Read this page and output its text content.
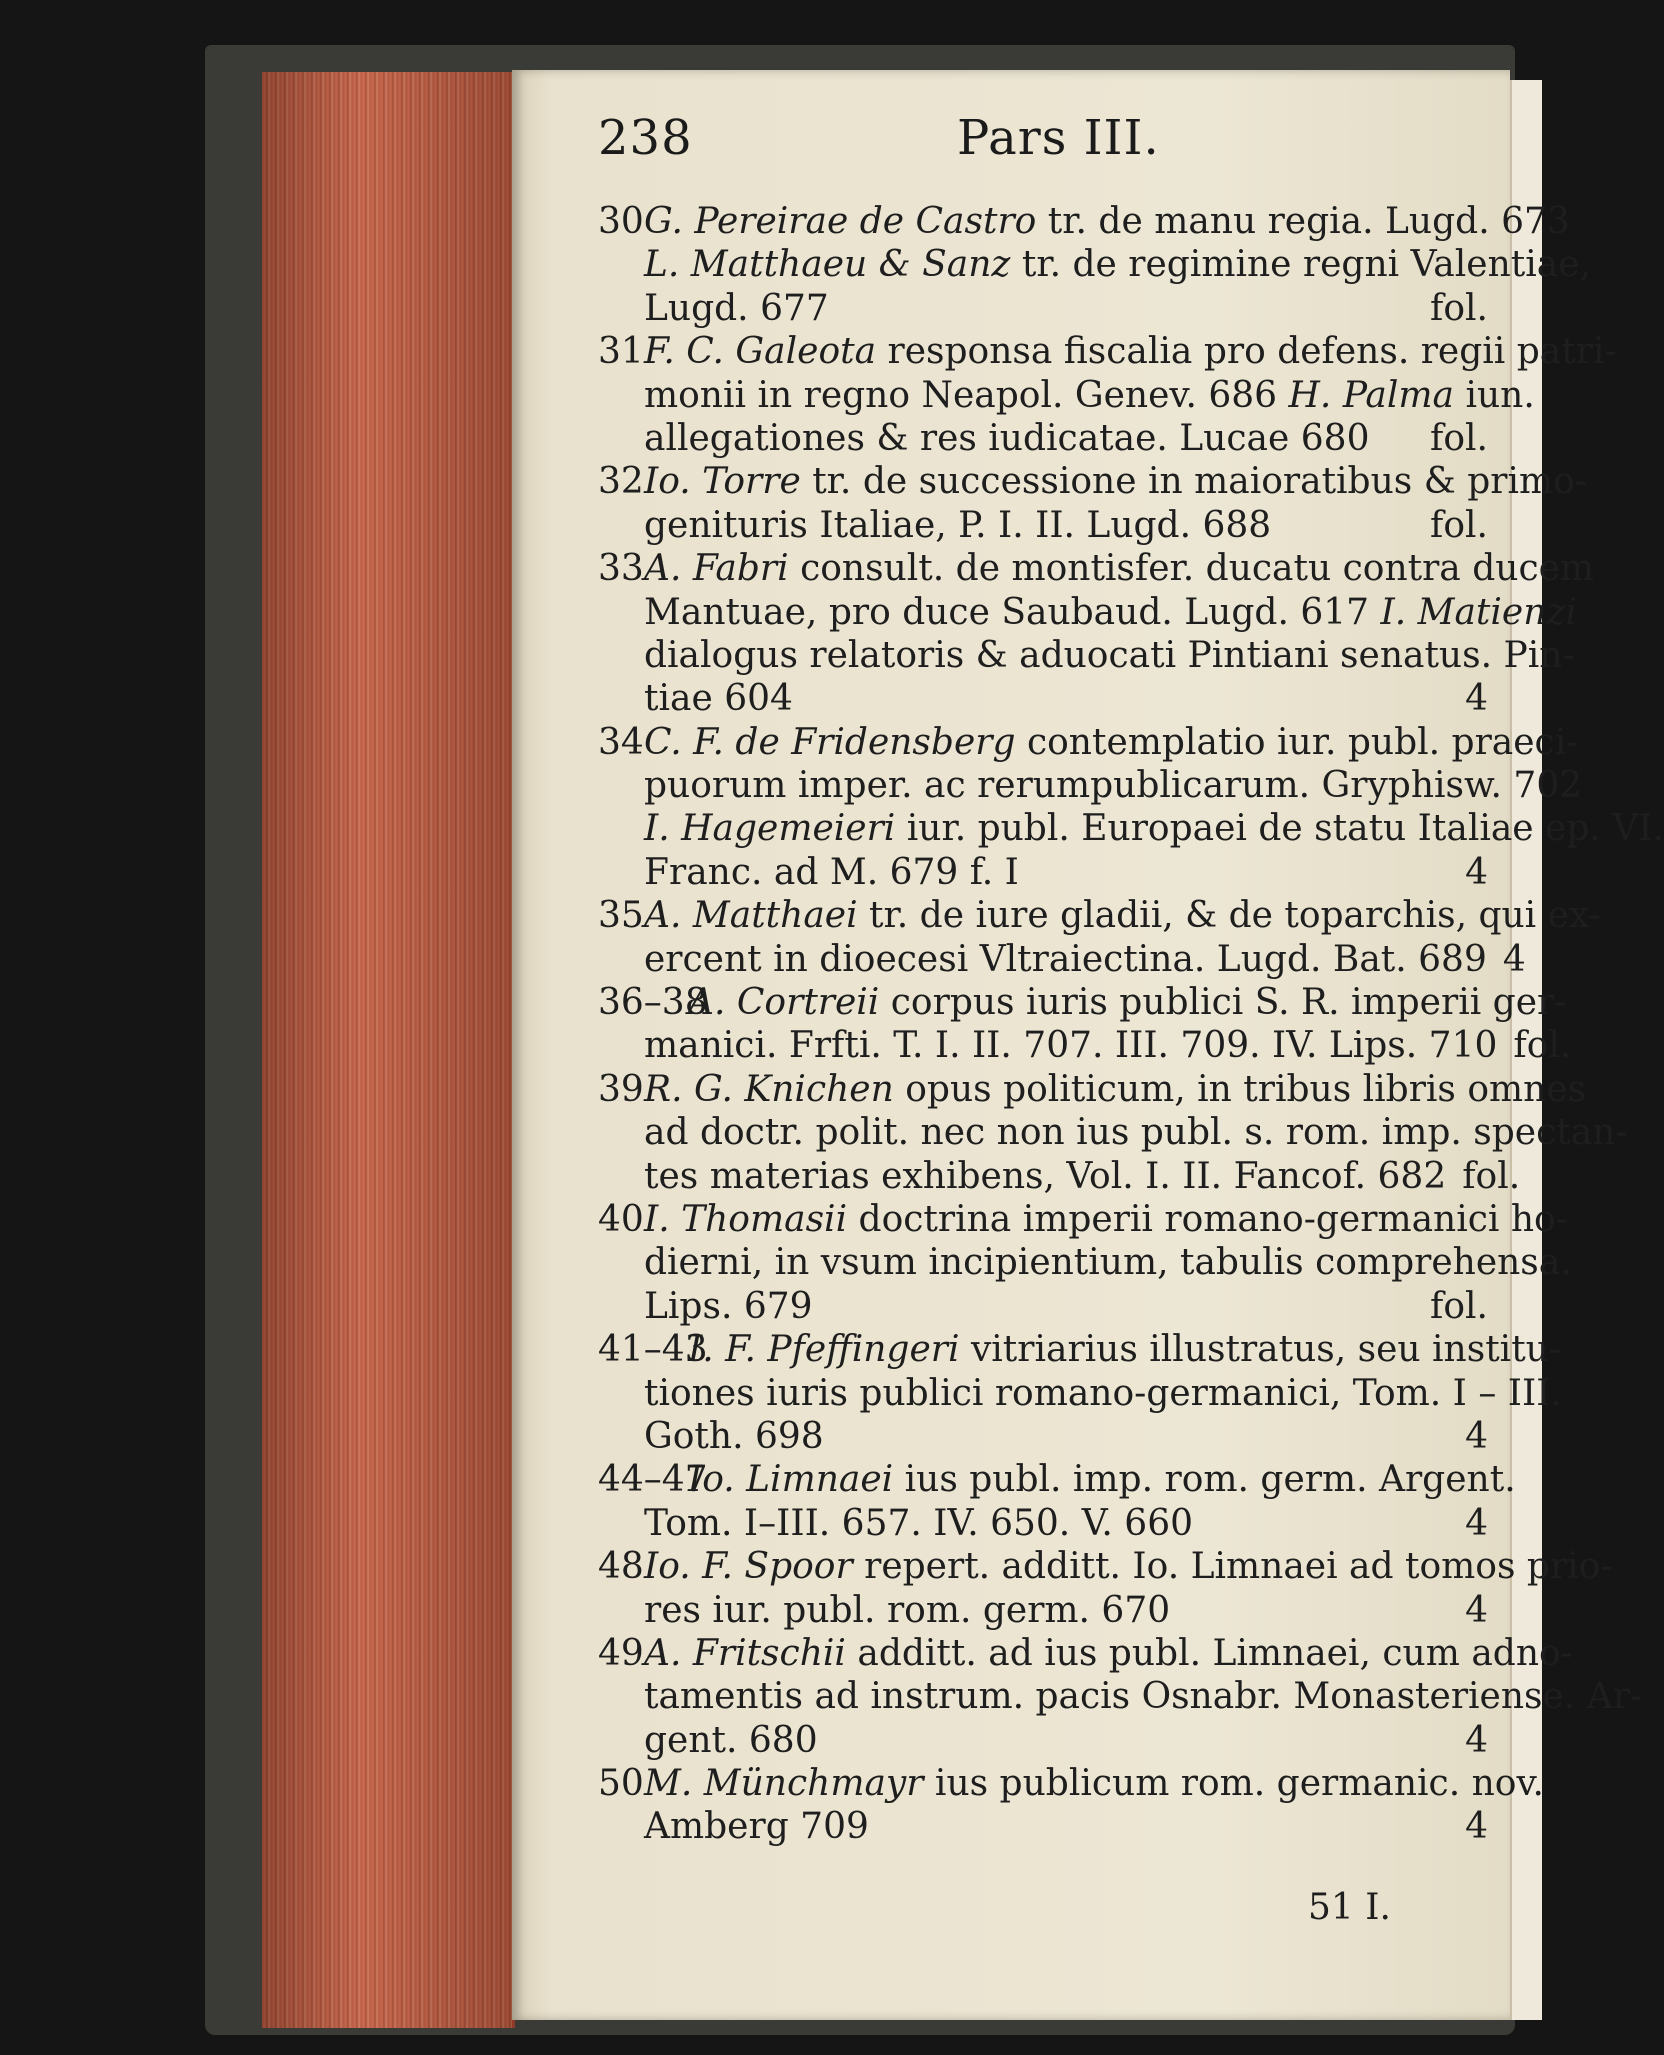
238	Pars III.
30G. Pereirae de Castro tr. de manu regia. Lugd. 673
L. Matthaeu & Sanz tr. de regimine regni Valentiae,
Lugd. 677	fol.
31F. C. Galeota responsa fiscalia pro defens. regii patri-
monii in regno Neapol. Genev. 686 H. Palma iun.
allegationes & res iudicatae. Lucae 680	fol.
32Io. Torre tr. de successione in maioratibus & primo-
genituris Italiae, P. I. II. Lugd. 688	fol.
33A. Fabri consult. de montisfer. ducatu contra ducem
Mantuae, pro duce Saubaud. Lugd. 617 I. Matienzi
dialogus relatoris & aduocati Pintiani senatus. Pin-
tiae 604	4
34C. F. de Fridensberg contemplatio iur. publ. praeci-
puorum imper. ac rerumpublicarum. Gryphisw. 702
I. Hagemeieri iur. publ. Europaei de statu Italiae ep. VI.
Franc. ad M. 679 f. I	4
35A. Matthaei tr. de iure gladii, & de toparchis, qui ex-
ercent in dioecesi Vltraiectina. Lugd. Bat. 689 4
36–38A. Cortreii corpus iuris publici S. R. imperii ger-
manici. Frfti. T. I. II. 707. III. 709. IV. Lips. 710 fol.
39R. G. Knichen opus politicum, in tribus libris omnes
ad doctr. polit. nec non ius publ. s. rom. imp. spectan-
tes materias exhibens, Vol. I. II. Fancof. 682 fol.
40I. Thomasii doctrina imperii romano-germanici ho-
dierni, in vsum incipientium, tabulis comprehensa.
Lips. 679	fol.
41–43I. F. Pfeffingeri vitriarius illustratus, seu institu-
tiones iuris publici romano-germanici, Tom. I – III.
Goth. 698	4
44–47Io. Limnaei ius publ. imp. rom. germ. Argent.
Tom. I–III. 657. IV. 650. V. 660	4
48Io. F. Spoor repert. additt. Io. Limnaei ad tomos prio-
res iur. publ. rom. germ. 670	4
49A. Fritschii additt. ad ius publ. Limnaei, cum adno-
tamentis ad instrum. pacis Osnabr. Monasteriense. Ar-
gent. 680	4
50M. Münchmayr ius publicum rom. germanic. nov.
Amberg 709	4
51 I.
